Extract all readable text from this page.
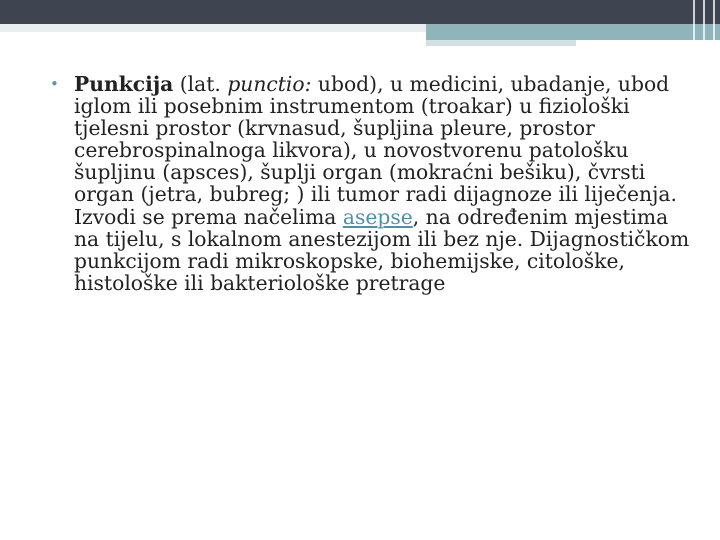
• Punkcija (lat. punctio: ubod), u medicini, ubadanje, ubod iglom ili posebnim instrumentom (troakar) u fiziološki tjelesni prostor (krvnasud, šupljina pleure, prostor cerebrospinalnoga likvora), u novostvorenu patološku šupljinu (apsces), šuplji organ (mokraćni bešiku), čvrsti organ (jetra, bubreg; ) ili tumor radi dijagnoze ili liječenja. Izvodi se prema načelima asepse, na određenim mjestima na tijelu, s lokalnom anestezijom ili bez nje. Dijagnostičkom punkcijom radi mikroskopske, biohemijske, citološke, histološke ili bakteriološke pretrage
